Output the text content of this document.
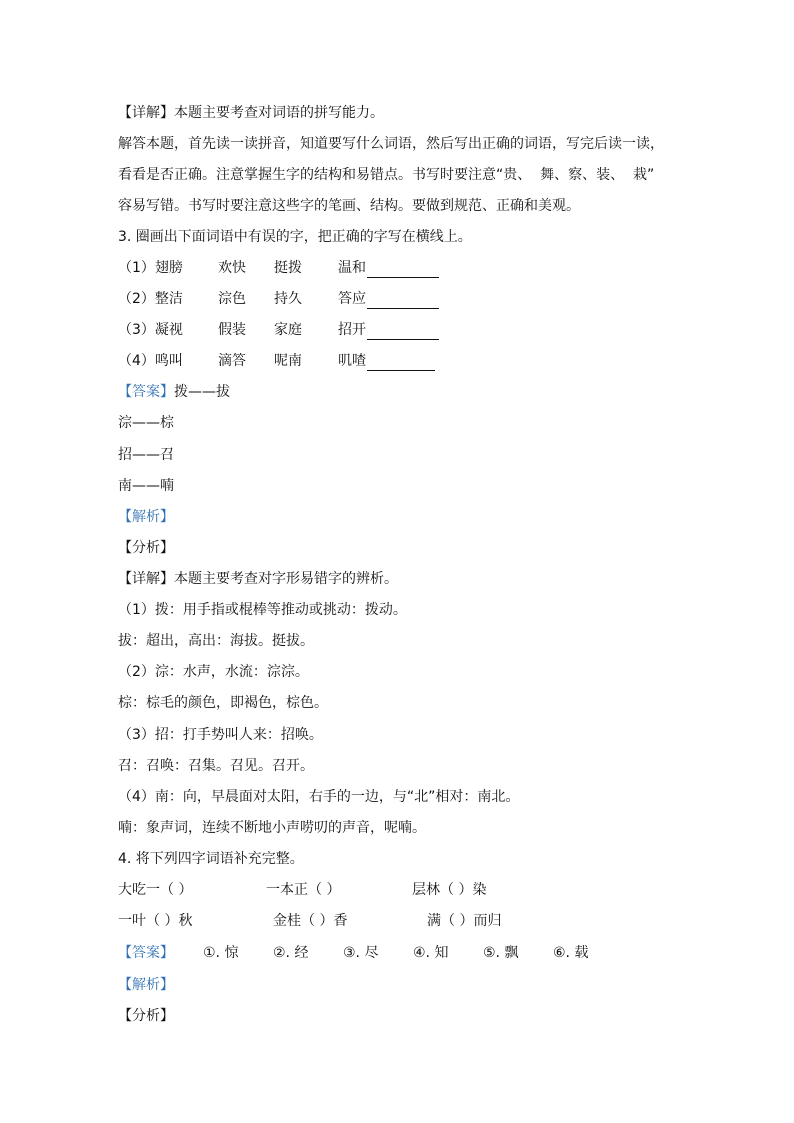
【详解】本题主要考查对词语的拼写能力。
解答本题，首先读一读拼音，知道要写什么词语，然后写出正确的词语，写完后读一读，
看看是否正确。注意掌握生字的结构和易错点。书写时要注意“贵、  舞、察、装、  栽”
容易写错。书写时要注意这些字的笔画、结构。要做到规范、正确和美观。
3. 圈画出下面词语中有误的字，把正确的字写在横线上。
（1）翅膀	欢快 挺拨	温和
（2）整洁	淙色 持久	答应
（3）凝视	假装 家庭	招开
（4）鸣叫	滴答 呢南	叽喳
【答案】拨——拔
淙——棕
招——召
南——喃
【解析】
【分析】
【详解】本题主要考查对字形易错字的辨析。
（1）拨：用手指或棍棒等推动或挑动：拨动。
拔：超出，高出：海拔。挺拔。
（2）淙：水声，水流：淙淙。
棕：棕毛的颜色，即褐色，棕色。
（3）招：打手势叫人来：招唤。
召：召唤：召集。召见。召开。
（4）南：向，早晨面对太阳，右手的一边，与“北”相对：南北。
喃：象声词，连续不断地小声唠叨的声音，呢喃。
4. 将下列四字词语补充完整。
大吃一（ ）	一本正（ ）	层林（ ）染
一叶（ ）秋	金桂（ ）香	满（ ）而归
【答案】 ①. 惊 ②. 经 ③. 尽 ④. 知 ⑤. 飘 ⑥. 载
【解析】
【分析】
